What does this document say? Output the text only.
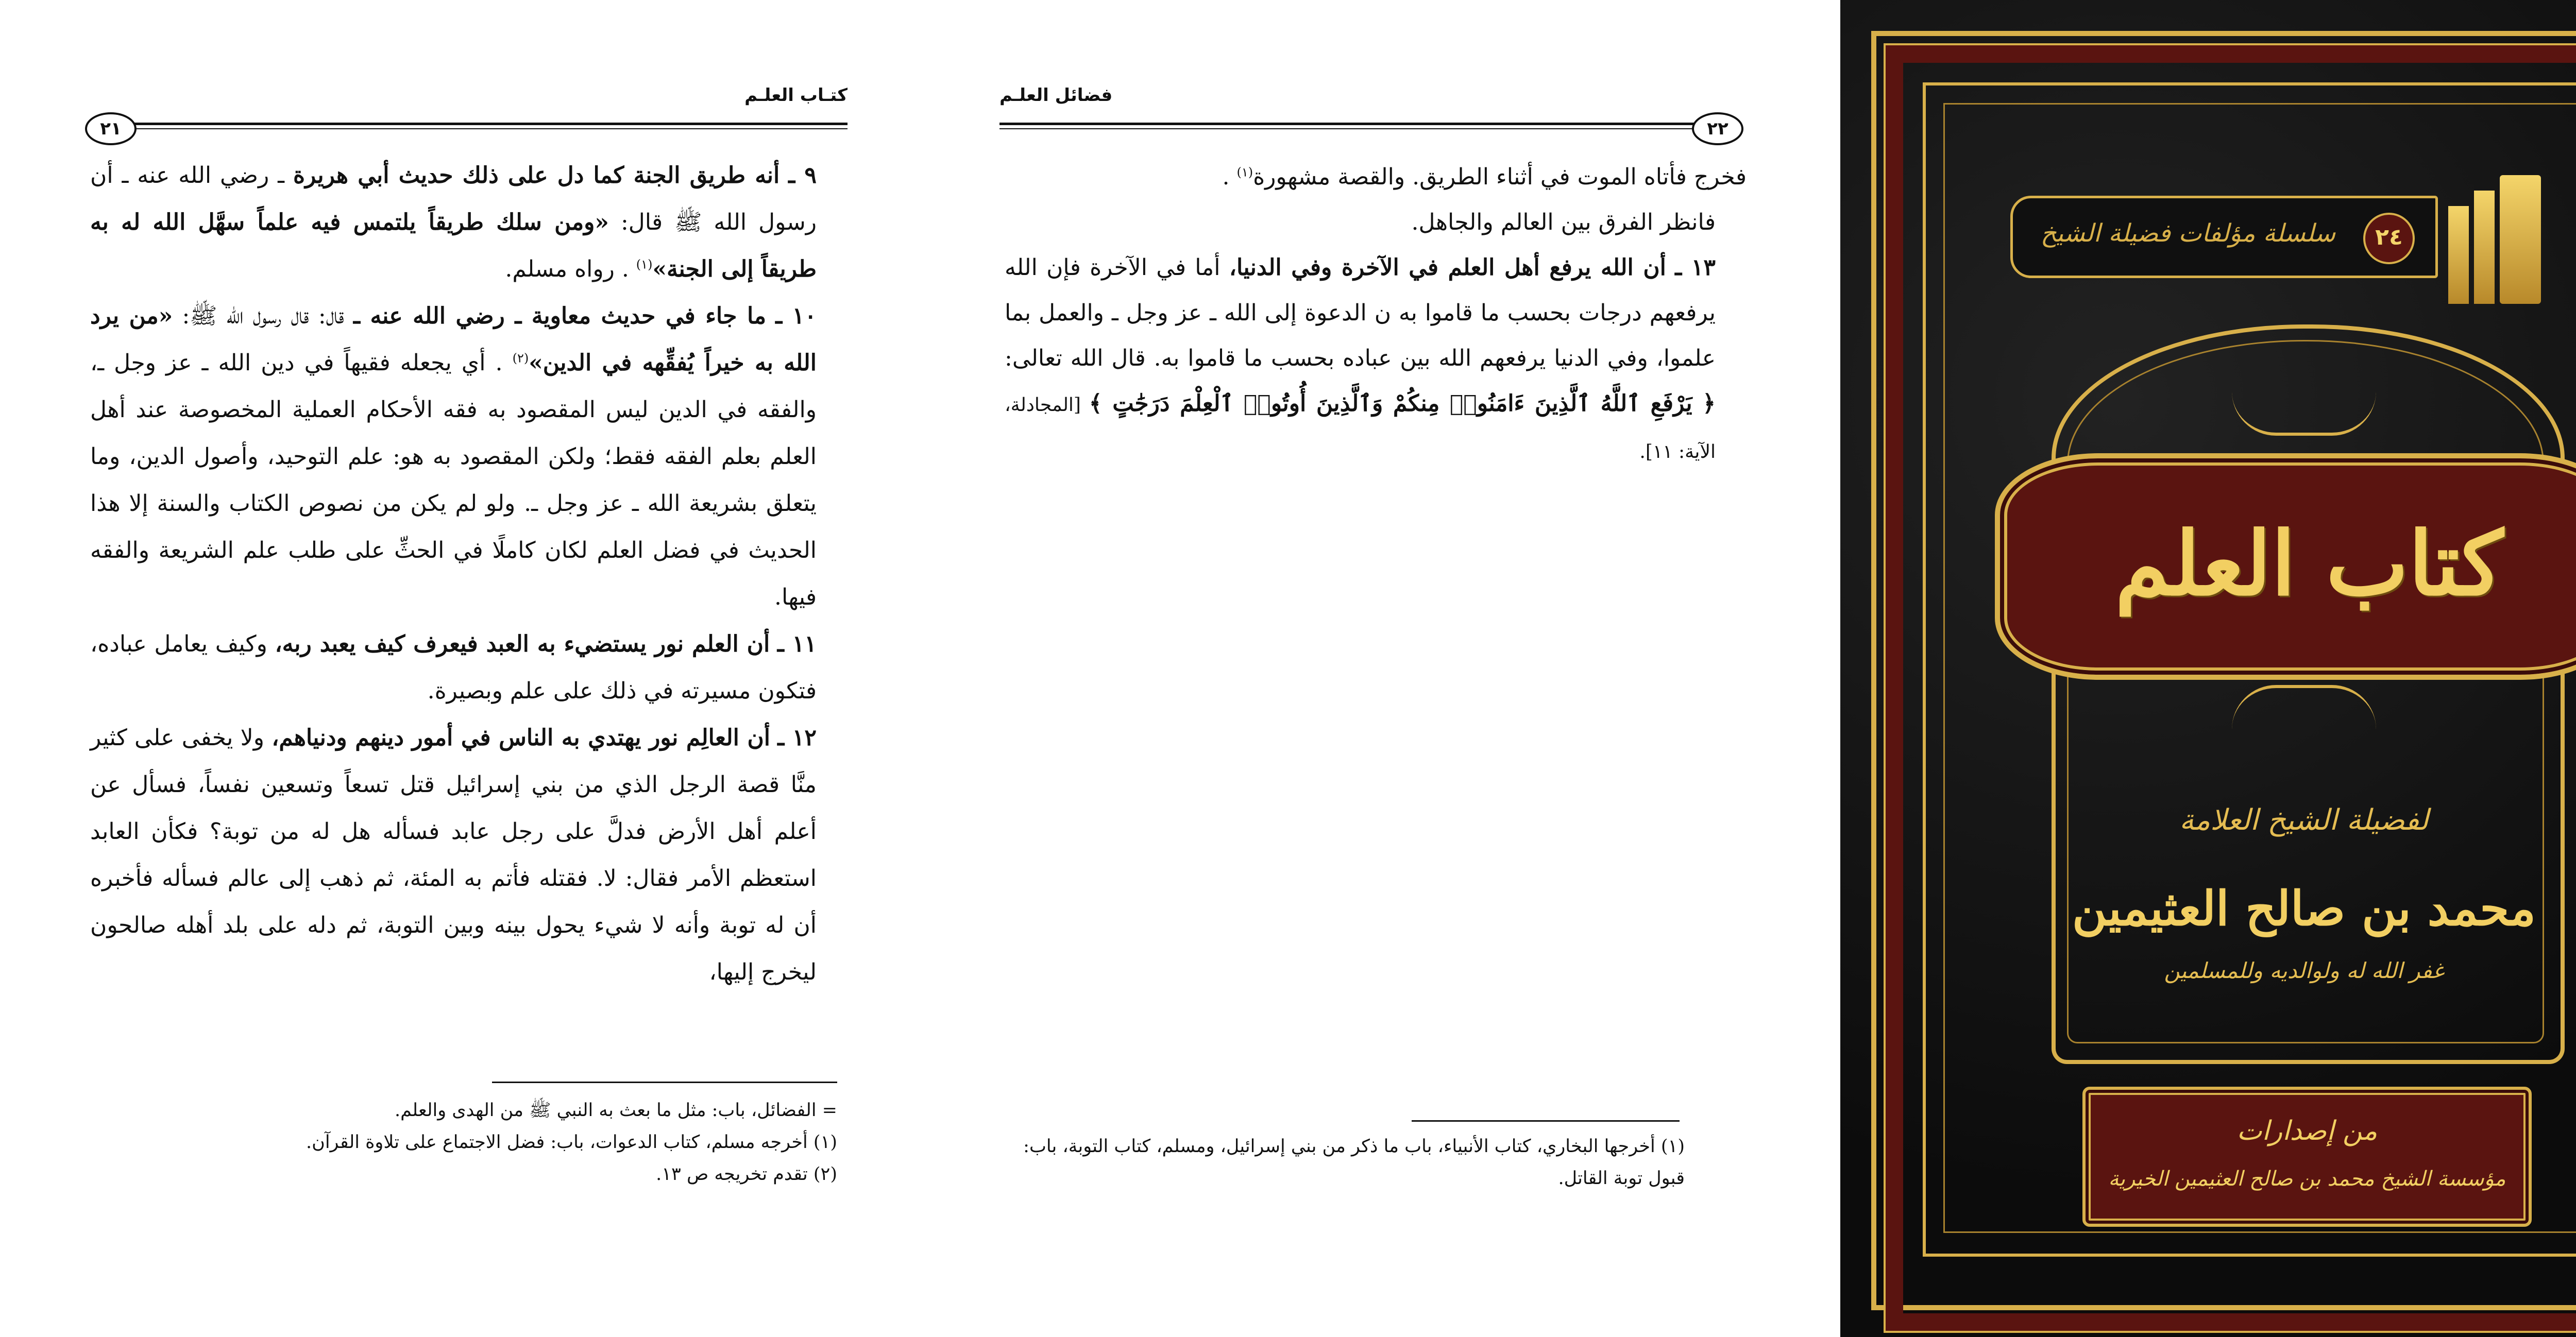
كتـاب العلـم
٢١

٩ ـ أنه طريق الجنة كما دل على ذلك حديث أبي هريرة ـ رضي الله عنه ـ أن رسول الله ﷺ قال: «ومن سلك طريقاً يلتمس فيه علماً سهَّل الله له به طريقاً إلى الجنة»$^{(١)}$ . رواه مسلم.

١٠ ـ ما جاء في حديث معاوية ـ رضي الله عنه ـ قال: قال رسول الله ﷺ: «من يرد الله به خيراً يُفقِّهه في الدين»$^{(٢)}$ . أي يجعله فقيهاً في دين الله ـ عز وجل ـ، والفقه في الدين ليس المقصود به فقه الأحكام العملية المخصوصة عند أهل العلم بعلم الفقه فقط؛ ولكن المقصود به هو: علم التوحيد، وأصول الدين، وما يتعلق بشريعة الله ـ عز وجل ـ. ولو لم يكن من نصوص الكتاب والسنة إلا هذا الحديث في فضل العلم لكان كاملًا في الحثِّ على طلب علم الشريعة والفقه فيها.

١١ ـ أن العلم نور يستضيء به العبد فيعرف كيف يعبد ربه، وكيف يعامل عباده، فتكون مسيرته في ذلك على علم وبصيرة.

١٢ ـ أن العالِم نور يهتدي به الناس في أمور دينهم ودنياهم، ولا يخفى على كثير منَّا قصة الرجل الذي من بني إسرائيل قتل تسعاً وتسعين نفساً، فسأل عن أعلم أهل الأرض فدلَّ على رجل عابد فسأله هل له من توبة؟ فكأن العابد استعظم الأمر فقال: لا. فقتله فأتم به المئة، ثم ذهب إلى عالم فسأله فأخبره أن له توبة وأنه لا شيء يحول بينه وبين التوبة، ثم دله على بلد أهله صالحون ليخرج إليها،

= الفضائل، باب: مثل ما بعث به النبي ﷺ من الهدى والعلم.

(١) أخرجه مسلم، كتاب الدعوات، باب: فضل الاجتماع على تلاوة القرآن.

(٢) تقدم تخريجه ص ١٣.

فضائل العلـم
٢٢

فخرج فأتاه الموت في أثناء الطريق. والقصة مشهورة$^{(١)}$ .

فانظر الفرق بين العالم والجاهل.

١٣ ـ أن الله يرفع أهل العلم في الآخرة وفي الدنيا، أما في الآخرة فإن الله يرفعهم درجات بحسب ما قاموا به ن الدعوة إلى الله ـ عز وجل ـ والعمل بما علموا، وفي الدنيا يرفعهم الله بين عباده بحسب ما قاموا به. قال الله تعالى: ﴿ يَرْفَعِ ٱللَّهُ ٱلَّذِينَ ءَامَنُوا۟ مِنكُمْ وَٱلَّذِينَ أُوتُوا۟ ٱلْعِلْمَ دَرَجَٰتٍ ﴾ [المجادلة، الآية: ١١].

(١) أخرجها البخاري، كتاب الأنبياء، باب ما ذكر من بني إسرائيل، ومسلم، كتاب التوبة، باب: قبول توبة القاتل.

سلسلة مؤلفات فضيلة الشيخ	٢٤
كتاب العلم
لفضيلة الشيخ العلامة
محمد بن صالح العثيمين
غفر الله له ولوالديه وللمسلمين
من إصدارات
مؤسسة الشيخ محمد بن صالح العثيمين الخيرية
